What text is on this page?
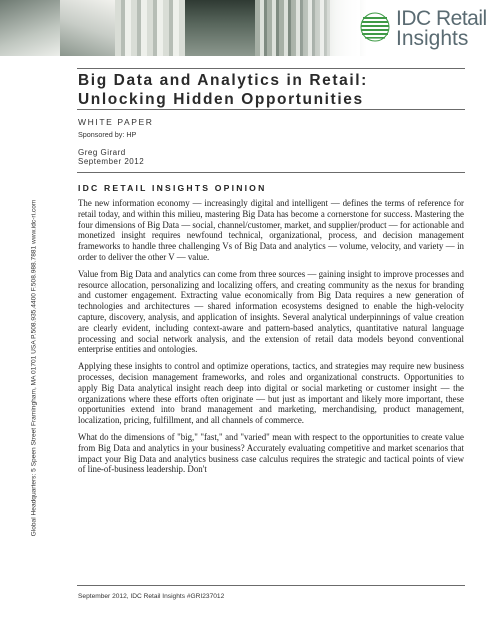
IDC Retail
Insights
Global Headquarters: 5 Speen Street Framingham, MA 01701 USA P.508.935.4400 F.508.988.7881 www.idc-ri.com
Big Data and Analytics in Retail:
Unlocking Hidden Opportunities
WHITE PAPER
Sponsored by: HP
Greg Girard
September 2012
IDC RETAIL INSIGHTS OPINION

The new information economy — increasingly digital and intelligent — defines the terms of reference for retail today, and within this milieu, mastering Big Data has become a cornerstone for success. Mastering the four dimensions of Big Data — social, channel/customer, market, and supplier/product — for actionable and monetized insight requires newfound technical, organizational, process, and decision management frameworks to handle three challenging Vs of Big Data and analytics — volume, velocity, and variety — in order to deliver the other V — value.

Value from Big Data and analytics can come from three sources — gaining insight to improve processes and resource allocation, personalizing and localizing offers, and creating community as the nexus for branding and customer engagement. Extracting value economically from Big Data requires a new generation of technologies and architectures — shared information ecosystems designed to enable the high-velocity capture, discovery, analysis, and application of insights. Several analytical underpinnings of value creation are clearly evident, including context-aware and pattern-based analytics, quantitative natural language processing and social network analysis, and the extension of retail data models beyond conventional enterprise entities and ontologies.

Applying these insights to control and optimize operations, tactics, and strategies may require new business processes, decision management frameworks, and roles and organizational constructs. Opportunities to apply Big Data analytical insight reach deep into digital or social marketing or customer insight — the organizations where these efforts often originate — but just as important and likely more important, these opportunities extend into brand management and marketing, merchandising, product management, localization, pricing, fulfillment, and all channels of commerce.

What do the dimensions of "big," "fast," and "varied" mean with respect to the opportunities to create value from Big Data and analytics in your business? Accurately evaluating competitive and market scenarios that impact your Big Data and analytics business case calculus requires the strategic and tactical points of view of line-of-business leadership. Don't

September 2012, IDC Retail Insights #GRI237012
